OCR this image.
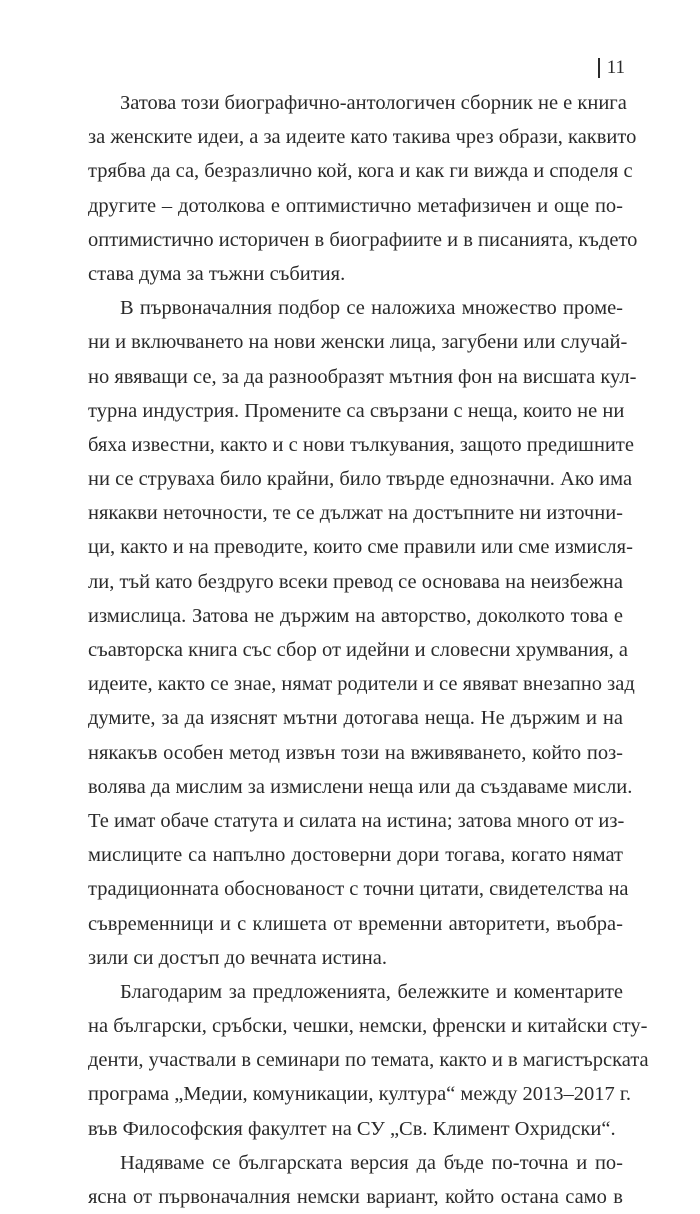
11
Затова този биографично-антологичен сборник не е книга
за женските идеи, а за идеите като такива чрез образи, каквито
трябва да са, безразлично кой, кога и как ги вижда и споделя с
другите – дотолкова е оптимистично метафизичен и още по-
оптимистично историчен в биографиите и в писанията, където
става дума за тъжни събития.
В първоначалния подбор се наложиха множество проме-
ни и включването на нови женски лица, загубени или случай-
но явяващи се, за да разнообразят мътния фон на висшата кул-
турна индустрия. Промените са свързани с неща, които не ни
бяха известни, както и с нови тълкувания, защото предишните
ни се струваха било крайни, било твърде еднозначни. Ако има
някакви неточности, те се дължат на достъпните ни източни-
ци, както и на преводите, които сме правили или сме измисля-
ли, тъй като бездруго всеки превод се основава на неизбежна
измислица. Затова не държим на авторство, доколкото това е
съавторска книга със сбор от идейни и словесни хрумвания, а
идеите, както се знае, нямат родители и се явяват внезапно зад
думите, за да изяснят мътни дотогава неща. Не държим и на
някакъв особен метод извън този на вживяването, който поз-
волява да мислим за измислени неща или да създаваме мисли.
Те имат обаче статута и силата на истина; затова много от из-
мислиците са напълно достоверни дори тогава, когато нямат
традиционната обоснованост с точни цитати, свидетелства на
съвременници и с клишета от временни авторитети, въобра-
зили си достъп до вечната истина.
Благодарим за предложенията, бележките и коментарите
на български, сръбски, чешки, немски, френски и китайски сту-
денти, участвали в семинари по темата, както и в магистърската
програма „Медии, комуникации, култура“ между 2013–2017 г.
във Философския факултет на СУ „Св. Климент Охридски“.
Надяваме се българската версия да бъде по-точна и по-
ясна от първоначалния немски вариант, който остана само в
